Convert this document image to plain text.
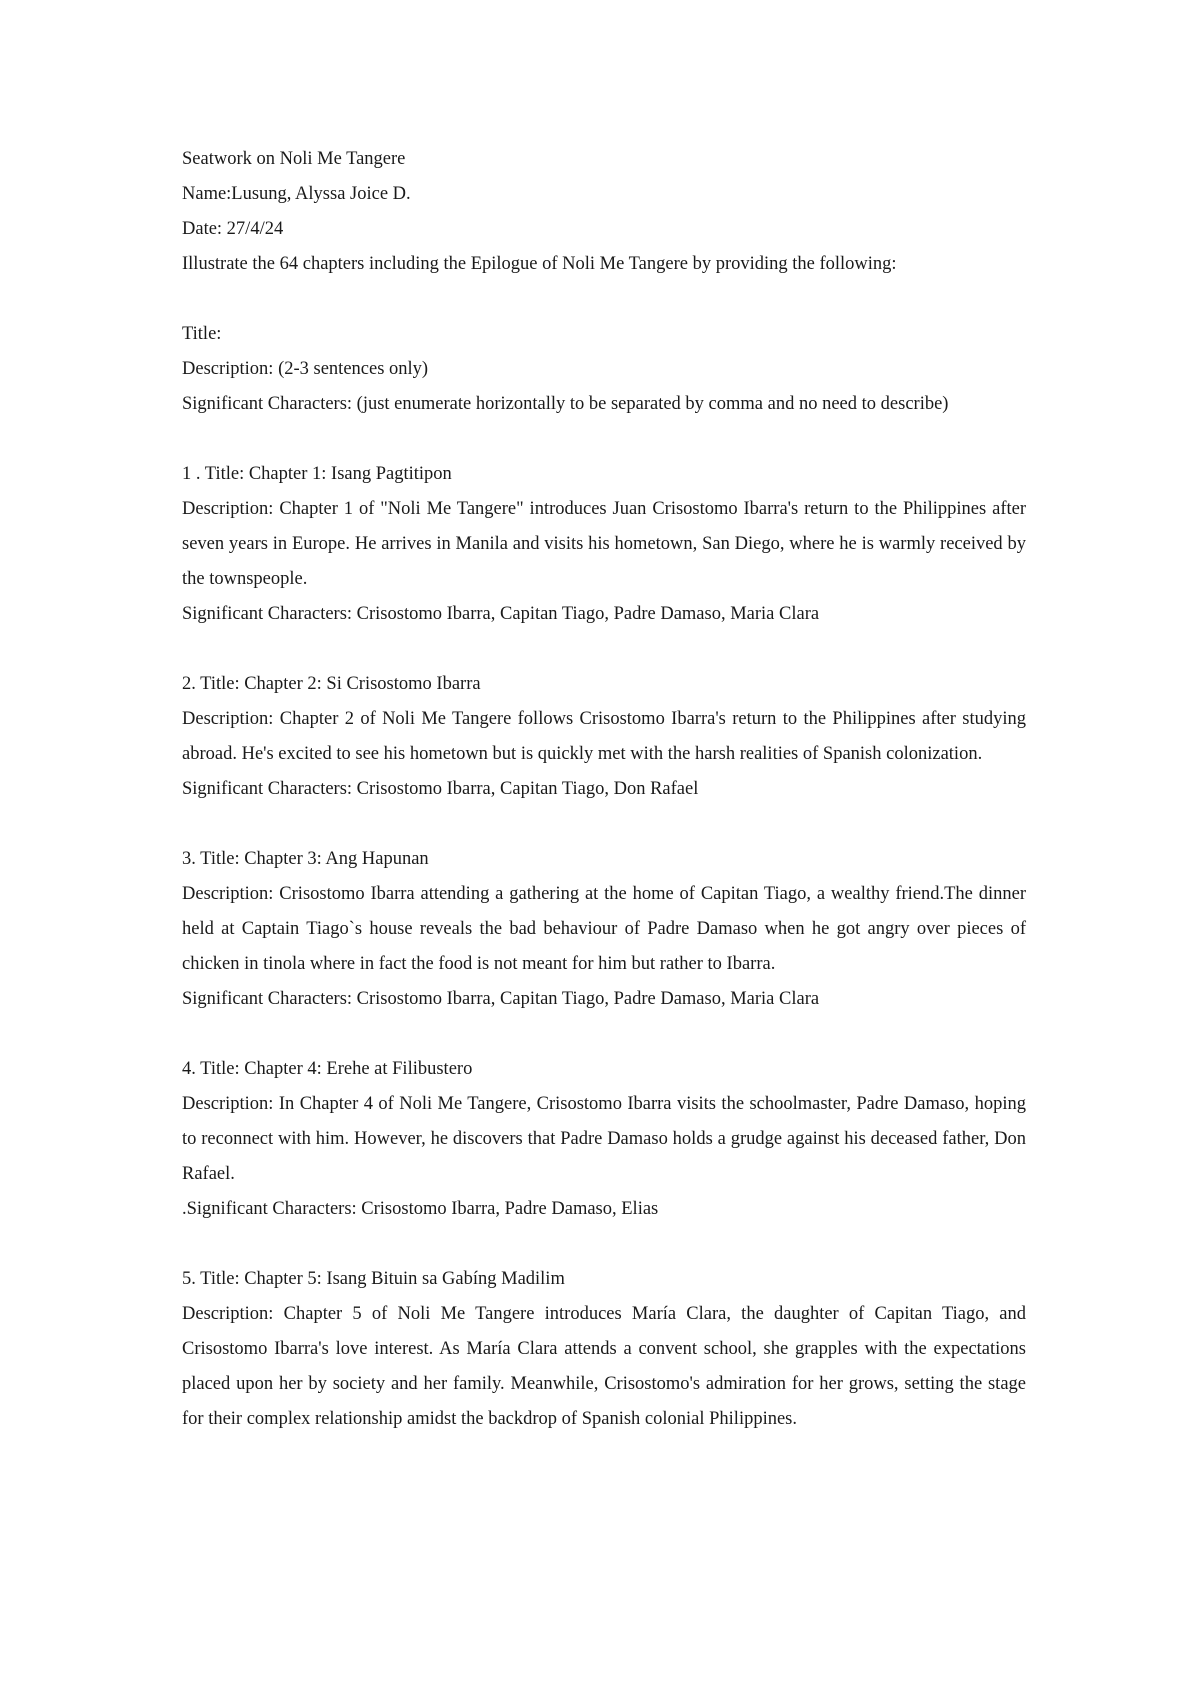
Seatwork on Noli Me Tangere
Name:Lusung, Alyssa Joice D.
Date: 27/4/24
Illustrate the 64 chapters including the Epilogue of Noli Me Tangere by providing the following:
Title:
Description: (2-3 sentences only)
Significant Characters: (just enumerate horizontally to be separated by comma and no need to describe)
1 . Title: Chapter 1: Isang Pagtitipon
Description: Chapter 1 of "Noli Me Tangere" introduces Juan Crisostomo Ibarra's return to the Philippines after seven years in Europe. He arrives in Manila and visits his hometown, San Diego, where he is warmly received by the townspeople.
Significant Characters: Crisostomo Ibarra, Capitan Tiago, Padre Damaso, Maria Clara
2. Title: Chapter 2: Si Crisostomo Ibarra
Description: Chapter 2 of Noli Me Tangere follows Crisostomo Ibarra's return to the Philippines after studying abroad. He's excited to see his hometown but is quickly met with the harsh realities of Spanish colonization.
Significant Characters: Crisostomo Ibarra, Capitan Tiago, Don Rafael
3. Title: Chapter 3: Ang Hapunan
Description: Crisostomo Ibarra attending a gathering at the home of Capitan Tiago, a wealthy friend.The dinner held at Captain Tiago`s house reveals the bad behaviour of Padre Damaso when he got angry over pieces of chicken in tinola where in fact the food is not meant for him but rather to Ibarra.
Significant Characters: Crisostomo Ibarra, Capitan Tiago, Padre Damaso, Maria Clara
4. Title: Chapter 4: Erehe at Filibustero
Description: In Chapter 4 of Noli Me Tangere, Crisostomo Ibarra visits the schoolmaster, Padre Damaso, hoping to reconnect with him. However, he discovers that Padre Damaso holds a grudge against his deceased father, Don Rafael.
.Significant Characters: Crisostomo Ibarra, Padre Damaso, Elias
5. Title: Chapter 5: Isang Bituin sa Gabíng Madilim
Description: Chapter 5 of Noli Me Tangere introduces María Clara, the daughter of Capitan Tiago, and Crisostomo Ibarra's love interest. As María Clara attends a convent school, she grapples with the expectations placed upon her by society and her family. Meanwhile, Crisostomo's admiration for her grows, setting the stage for their complex relationship amidst the backdrop of Spanish colonial Philippines.
